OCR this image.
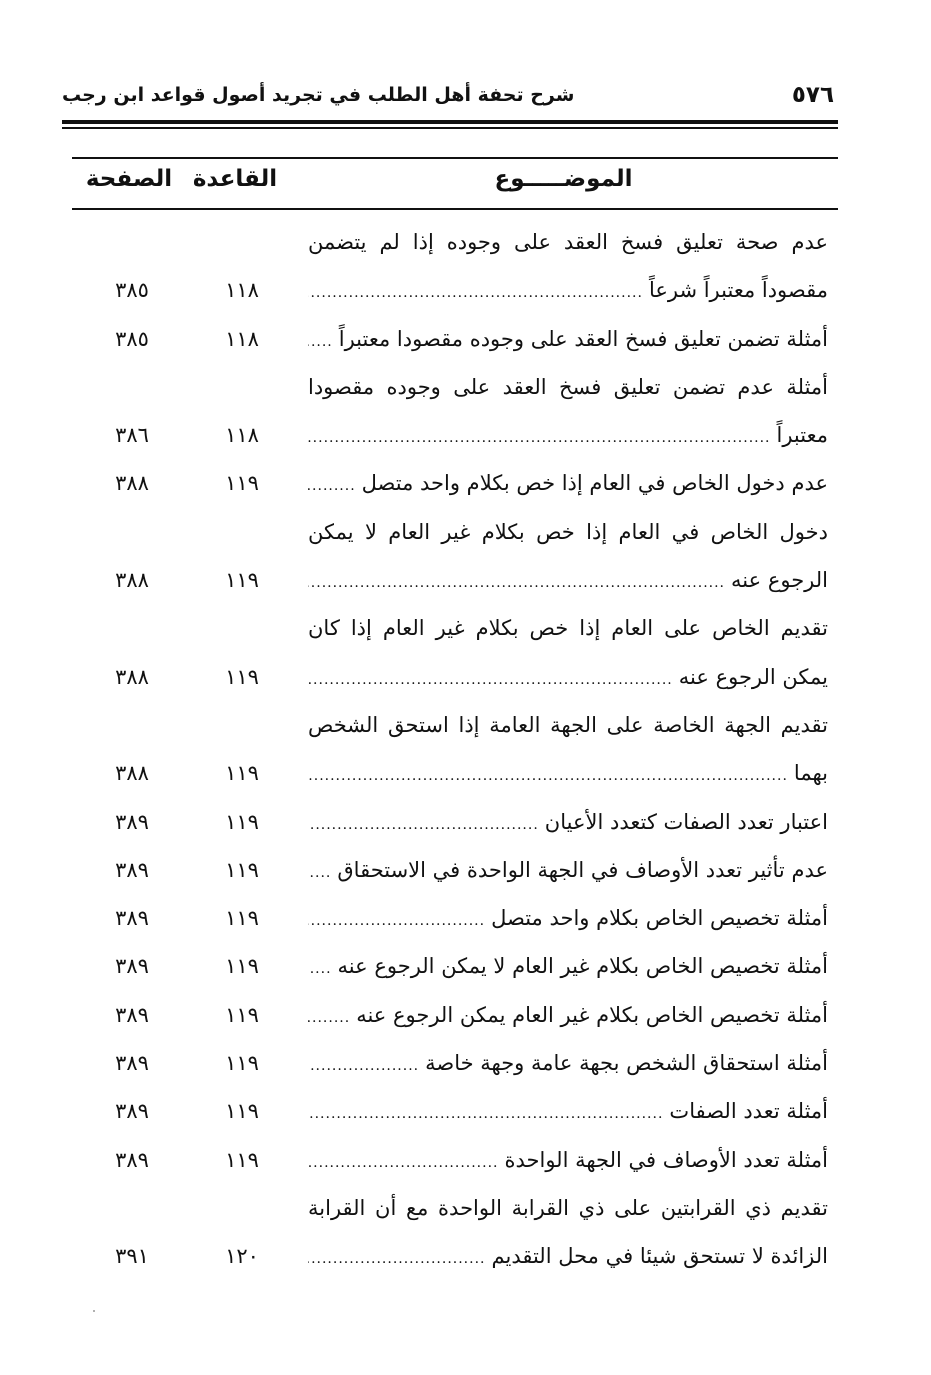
٥٧٦
شرح تحفة أهل الطلب في تجريد أصول قواعد ابن رجب
الموضـــــوع
القاعدة
الصفحة
عدم صحة تعليق فسخ العقد على وجوده إذا لم يتضمن
مقصوداً معتبراً شرعاً
.....
١١٨
٣٨٥
أمثلة تضمن تعليق فسخ العقد على وجوده مقصودا معتبراً
.....
١١٨
٣٨٥
أمثلة عدم تضمن تعليق فسخ العقد على وجوده مقصودا
معتبراً
.....
١١٨
٣٨٦
عدم دخول الخاص في العام إذا خص بكلام واحد متصل
.....
١١٩
٣٨٨
دخول الخاص في العام إذا خص بكلام غير العام لا يمكن
الرجوع عنه
.....
١١٩
٣٨٨
تقديم الخاص على العام إذا خص بكلام غير العام إذا كان
يمكن الرجوع عنه
.....
١١٩
٣٨٨
تقديم الجهة الخاصة على الجهة العامة إذا استحق الشخص
بهما
.....
١١٩
٣٨٨
اعتبار تعدد الصفات كتعدد الأعيان
.....
١١٩
٣٨٩
عدم تأثير تعدد الأوصاف في الجهة الواحدة في الاستحقاق
.....
١١٩
٣٨٩
أمثلة تخصيص الخاص بكلام واحد متصل
.....
١١٩
٣٨٩
أمثلة تخصيص الخاص بكلام غير العام لا يمكن الرجوع عنه
.....
١١٩
٣٨٩
أمثلة تخصيص الخاص بكلام غير العام يمكن الرجوع عنه
.....
١١٩
٣٨٩
أمثلة استحقاق الشخص بجهة عامة وجهة خاصة
.....
١١٩
٣٨٩
أمثلة تعدد الصفات
.....
١١٩
٣٨٩
أمثلة تعدد الأوصاف في الجهة الواحدة
.....
١١٩
٣٨٩
تقديم ذي القرابتين على ذي القرابة الواحدة مع أن القرابة
الزائدة لا تستحق شيئا في محل التقديم
.....
١٢٠
٣٩١
